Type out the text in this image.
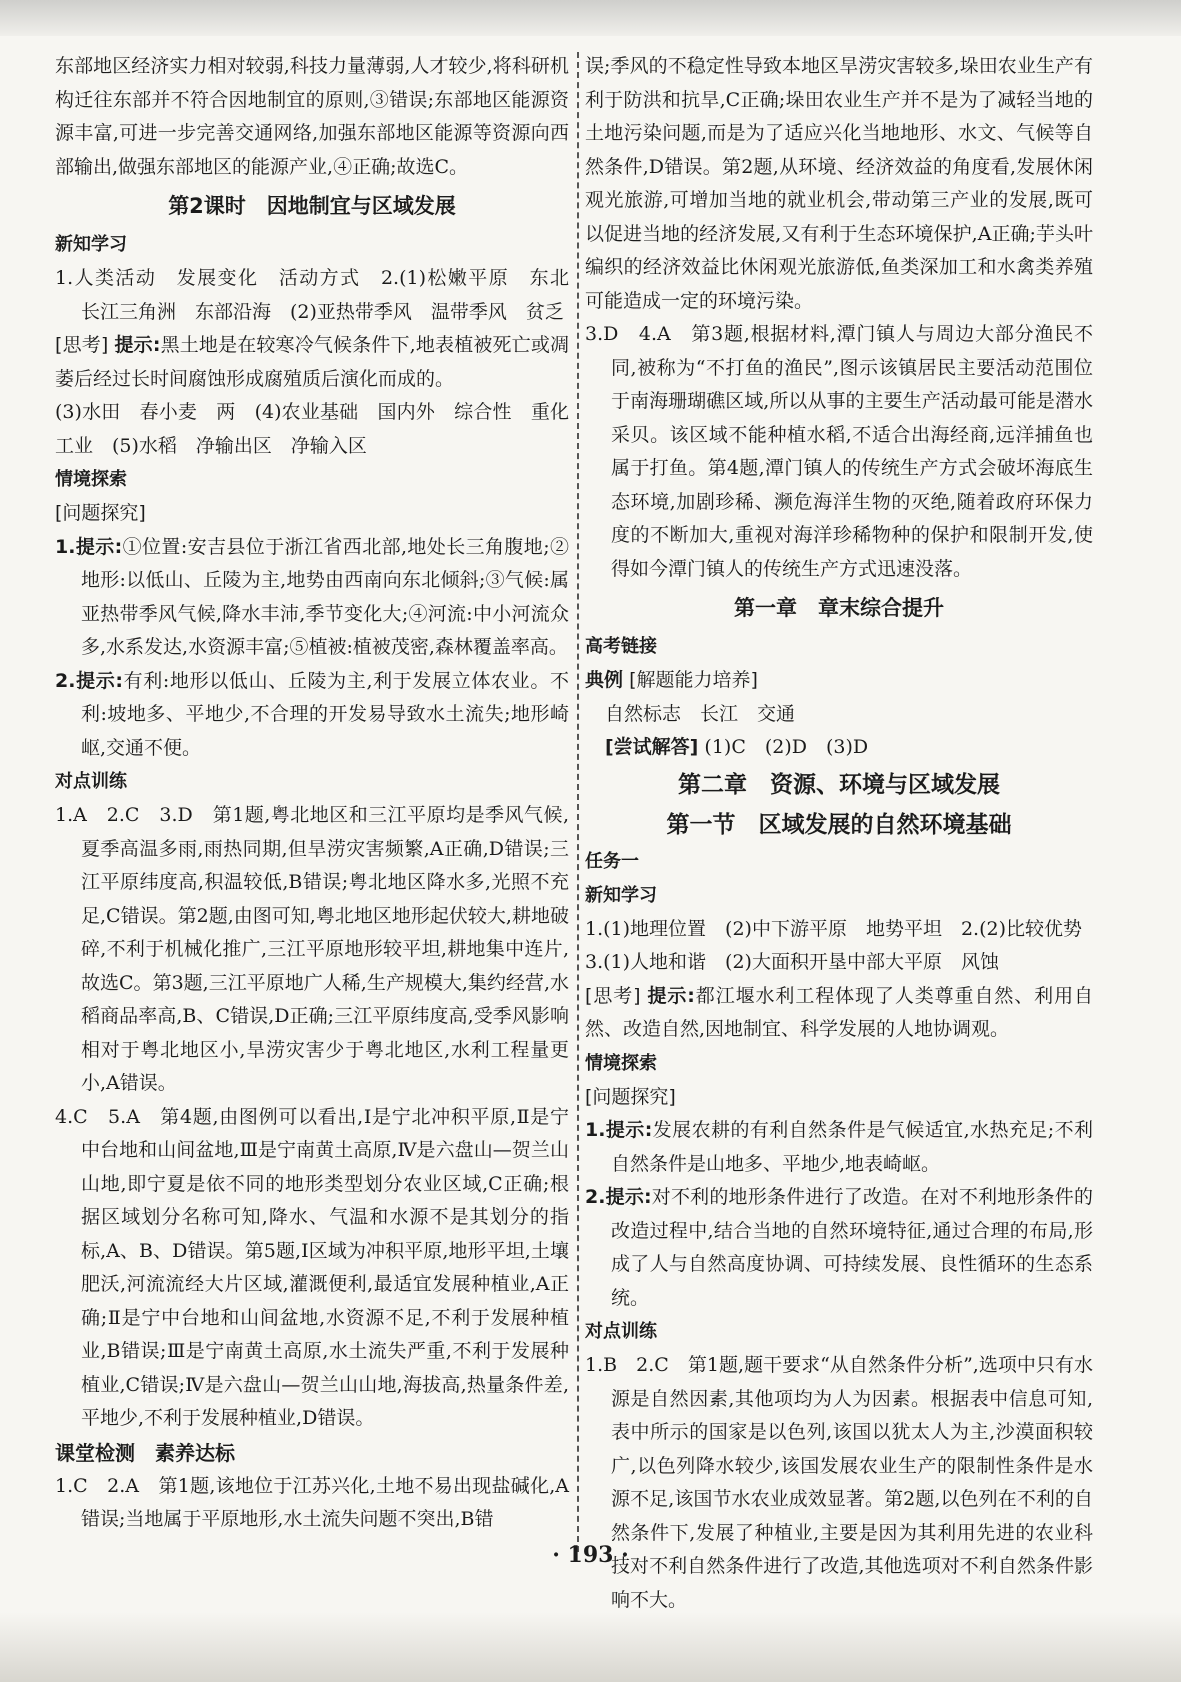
东部地区经济实力相对较弱,科技力量薄弱,人才较少,将科研机构迁往东部并不符合因地制宜的原则,③错误;东部地区能源资源丰富,可进一步完善交通网络,加强东部地区能源等资源向西部输出,做强东部地区的能源产业,④正确;故选C。

第2课时　因地制宜与区域发展
新知学习

1.人类活动　发展变化　活动方式　2.(1)松嫩平原　东北　长江三角洲　东部沿海　(2)亚热带季风　温带季风　贫乏

[思考] 提示:黑土地是在较寒冷气候条件下,地表植被死亡或凋萎后经过长时间腐蚀形成腐殖质后演化而成的。

(3)水田　春小麦　两　(4)农业基础　国内外　综合性　重化工业　(5)水稻　净输出区　净输入区

情境探索
[问题探究]

1.提示:①位置:安吉县位于浙江省西北部,地处长三角腹地;②地形:以低山、丘陵为主,地势由西南向东北倾斜;③气候:属亚热带季风气候,降水丰沛,季节变化大;④河流:中小河流众多,水系发达,水资源丰富;⑤植被:植被茂密,森林覆盖率高。

2.提示:有利:地形以低山、丘陵为主,利于发展立体农业。不利:坡地多、平地少,不合理的开发易导致水土流失;地形崎岖,交通不便。

对点训练

1.A　2.C　3.D　第1题,粤北地区和三江平原均是季风气候,夏季高温多雨,雨热同期,但旱涝灾害频繁,A正确,D错误;三江平原纬度高,积温较低,B错误;粤北地区降水多,光照不充足,C错误。第2题,由图可知,粤北地区地形起伏较大,耕地破碎,不利于机械化推广,三江平原地形较平坦,耕地集中连片,故选C。第3题,三江平原地广人稀,生产规模大,集约经营,水稻商品率高,B、C错误,D正确;三江平原纬度高,受季风影响相对于粤北地区小,旱涝灾害少于粤北地区,水利工程量更小,A错误。

4.C　5.A　第4题,由图例可以看出,Ⅰ是宁北冲积平原,Ⅱ是宁中台地和山间盆地,Ⅲ是宁南黄土高原,Ⅳ是六盘山—贺兰山山地,即宁夏是依不同的地形类型划分农业区域,C正确;根据区域划分名称可知,降水、气温和水源不是其划分的指标,A、B、D错误。第5题,Ⅰ区域为冲积平原,地形平坦,土壤肥沃,河流流经大片区域,灌溉便利,最适宜发展种植业,A正确;Ⅱ是宁中台地和山间盆地,水资源不足,不利于发展种植业,B错误;Ⅲ是宁南黄土高原,水土流失严重,不利于发展种植业,C错误;Ⅳ是六盘山—贺兰山山地,海拔高,热量条件差,平地少,不利于发展种植业,D错误。

课堂检测　素养达标

1.C　2.A　第1题,该地位于江苏兴化,土地不易出现盐碱化,A错误;当地属于平原地形,水土流失问题不突出,B错

误;季风的不稳定性导致本地区旱涝灾害较多,垛田农业生产有利于防洪和抗旱,C正确;垛田农业生产并不是为了减轻当地的土地污染问题,而是为了适应兴化当地地形、水文、气候等自然条件,D错误。第2题,从环境、经济效益的角度看,发展休闲观光旅游,可增加当地的就业机会,带动第三产业的发展,既可以促进当地的经济发展,又有利于生态环境保护,A正确;芋头叶编织的经济效益比休闲观光旅游低,鱼类深加工和水禽类养殖可能造成一定的环境污染。

3.D　4.A　第3题,根据材料,潭门镇人与周边大部分渔民不同,被称为“不打鱼的渔民”,图示该镇居民主要活动范围位于南海珊瑚礁区域,所以从事的主要生产活动最可能是潜水采贝。该区域不能种植水稻,不适合出海经商,远洋捕鱼也属于打鱼。第4题,潭门镇人的传统生产方式会破坏海底生态环境,加剧珍稀、濒危海洋生物的灭绝,随着政府环保力度的不断加大,重视对海洋珍稀物种的保护和限制开发,使得如今潭门镇人的传统生产方式迅速没落。

第一章　章末综合提升
高考链接
典例 [解题能力培养]
自然标志　长江　交通
[尝试解答] (1)C　(2)D　(3)D
第二章　资源、环境与区域发展
第一节　区域发展的自然环境基础
任务一
新知学习

1.(1)地理位置　(2)中下游平原　地势平坦　2.(2)比较优势

3.(1)人地和谐　(2)大面积开垦中部大平原　风蚀

[思考] 提示:都江堰水利工程体现了人类尊重自然、利用自然、改造自然,因地制宜、科学发展的人地协调观。

情境探索
[问题探究]

1.提示:发展农耕的有利自然条件是气候适宜,水热充足;不利自然条件是山地多、平地少,地表崎岖。

2.提示:对不利的地形条件进行了改造。在对不利地形条件的改造过程中,结合当地的自然环境特征,通过合理的布局,形成了人与自然高度协调、可持续发展、良性循环的生态系统。

对点训练

1.B　2.C　第1题,题干要求“从自然条件分析”,选项中只有水源是自然因素,其他项均为人为因素。根据表中信息可知,表中所示的国家是以色列,该国以犹太人为主,沙漠面积较广,以色列降水较少,该国发展农业生产的限制性条件是水源不足,该国节水农业成效显著。第2题,以色列在不利的自然条件下,发展了种植业,主要是因为其利用先进的农业科技对不利自然条件进行了改造,其他选项对不利自然条件影响不大。

· 193 ·
